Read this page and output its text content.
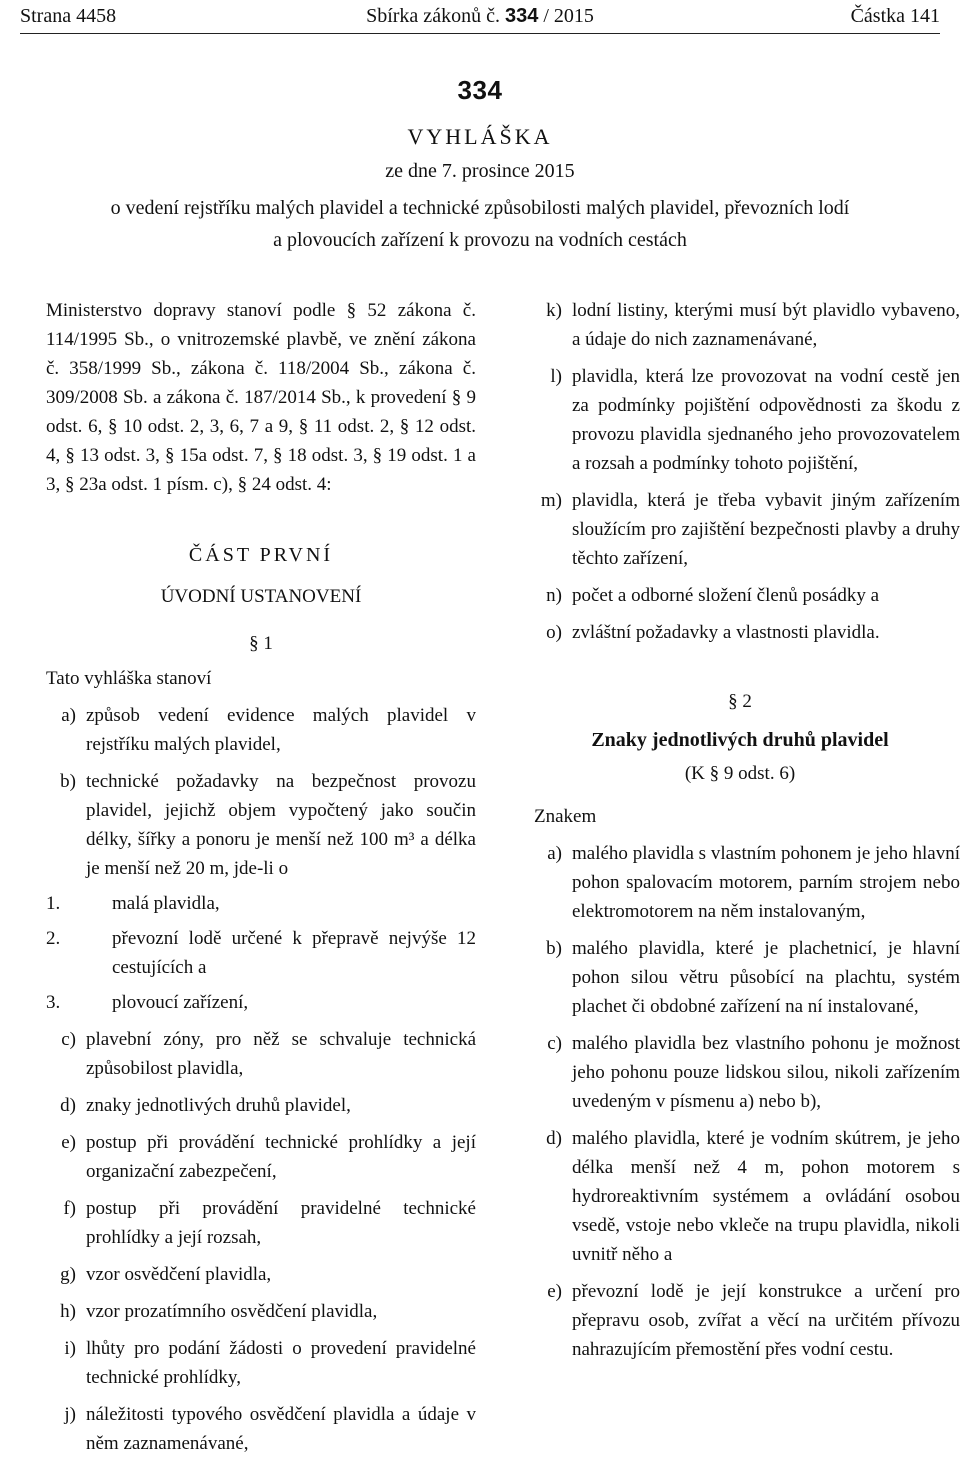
Strana 4458	Sbírka zákonů č. 334 / 2015	Částka 141
334
VYHLÁŠKA
ze dne 7. prosince 2015
o vedení rejstříku malých plavidel a technické způsobilosti malých plavidel, převozních lodí
a plovoucích zařízení k provozu na vodních cestách

Ministerstvo dopravy stanoví podle § 52 zákona č. 114/1995 Sb., o vnitrozemské plavbě, ve znění zákona č. 358/1999 Sb., zákona č. 118/2004 Sb., zákona č. 309/2008 Sb. a zákona č. 187/2014 Sb., k provedení § 9 odst. 6, § 10 odst. 2, 3, 6, 7 a 9, § 11 odst. 2, § 12 odst. 4, § 13 odst. 3, § 15a odst. 7, § 18 odst. 3, § 19 odst. 1 a 3, § 23a odst. 1 písm. c), § 24 odst. 4:

ČÁST PRVNÍ
ÚVODNÍ USTANOVENÍ
§ 1
Tato vyhláška stanoví
a) způsob vedení evidence malých plavidel v rejstříku malých plavidel,
b) technické požadavky na bezpečnost provozu plavidel, jejichž objem vypočtený jako součin délky, šířky a ponoru je menší než 100 m³ a délka je menší než 20 m, jde-li o
1.	malá plavidla,
2.	převozní lodě určené k přepravě nejvýše 12 cestujících a
3.	plovoucí zařízení,
c) plavební zóny, pro něž se schvaluje technická způsobilost plavidla,
d) znaky jednotlivých druhů plavidel,
e) postup při provádění technické prohlídky a její organizační zabezpečení,
f) postup při provádění pravidelné technické prohlídky a její rozsah,
g) vzor osvědčení plavidla,
h) vzor prozatímního osvědčení plavidla,
i) lhůty pro podání žádosti o provedení pravidelné technické prohlídky,
j) náležitosti typového osvědčení plavidla a údaje v něm zaznamenávané,
k) lodní listiny, kterými musí být plavidlo vybaveno, a údaje do nich zaznamenávané,
l) plavidla, která lze provozovat na vodní cestě jen za podmínky pojištění odpovědnosti za škodu z provozu plavidla sjednaného jeho provozovatelem a rozsah a podmínky tohoto pojištění,
m) plavidla, která je třeba vybavit jiným zařízením sloužícím pro zajištění bezpečnosti plavby a druhy těchto zařízení,
n) počet a odborné složení členů posádky a
o) zvláštní požadavky a vlastnosti plavidla.
§ 2
Znaky jednotlivých druhů plavidel
(K § 9 odst. 6)
Znakem
a) malého plavidla s vlastním pohonem je jeho hlavní pohon spalovacím motorem, parním strojem nebo elektromotorem na něm instalovaným,
b) malého plavidla, které je plachetnicí, je hlavní pohon silou větru působící na plachtu, systém plachet či obdobné zařízení na ní instalované,
c) malého plavidla bez vlastního pohonu je možnost jeho pohonu pouze lidskou silou, nikoli zařízením uvedeným v písmenu a) nebo b),
d) malého plavidla, které je vodním skútrem, je jeho délka menší než 4 m, pohon motorem s hydroreaktivním systémem a ovládání osobou vsedě, vstoje nebo vkleče na trupu plavidla, nikoli uvnitř něho a
e) převozní lodě je její konstrukce a určení pro přepravu osob, zvířat a věcí na určitém přívozu nahrazujícím přemostění přes vodní cestu.
